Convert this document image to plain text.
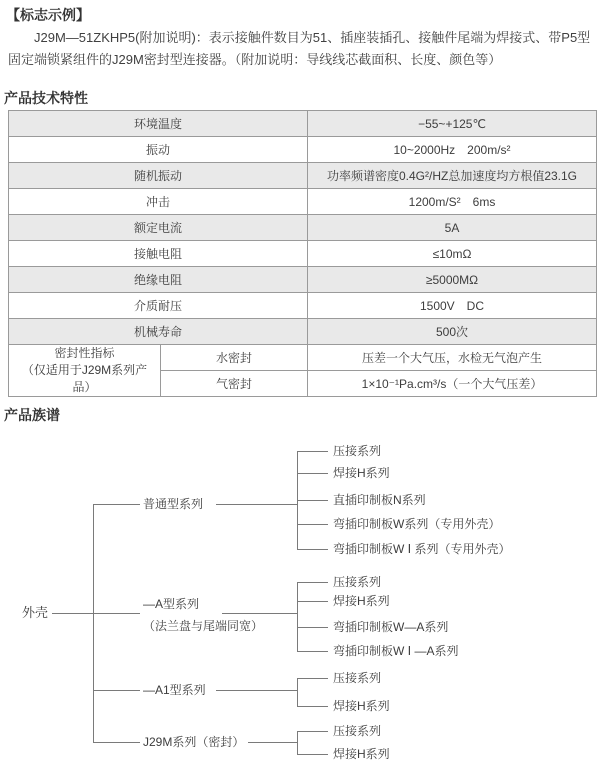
【标志示例】
J29M—51ZKHP5(附加说明)：表示接触件数目为51、插座装插孔、接触件尾端为焊接式、带P5型固定端锁紧组件的J29M密封型连接器。（附加说明：导线线芯截面积、长度、颜色等）
产品技术特性
环境温度		−55~+125℃
振动		10~2000Hz　200m/s²
随机振动		功率频谱密度0.4G²/HZ总加速度均方根值23.1G
冲击		1200m/S²　6ms
额定电流		5A
接触电阻		≤10mΩ
绝缘电阻		≥5000MΩ
介质耐压		1500V　DC
机械寿命		500次
密封性指标
（仅适用于J29M系列产品）	水密封	压差一个大气压，水检无气泡产生
	气密封	1×10⁻¹Pa.cm³/s（一个大气压差）
产品族谱
外壳
普通型系列
压接系列
焊接H系列
直插印制板N系列
弯插印制板W系列（专用外壳）
弯插印制板W Ⅰ 系列（专用外壳）
—A型系列
（法兰盘与尾端同宽）
压接系列
焊接H系列
弯插印制板W—A系列
弯插印制板W Ⅰ —A系列
—A1型系列
压接系列
焊接H系列
J29M系列（密封）
压接系列
焊接H系列
